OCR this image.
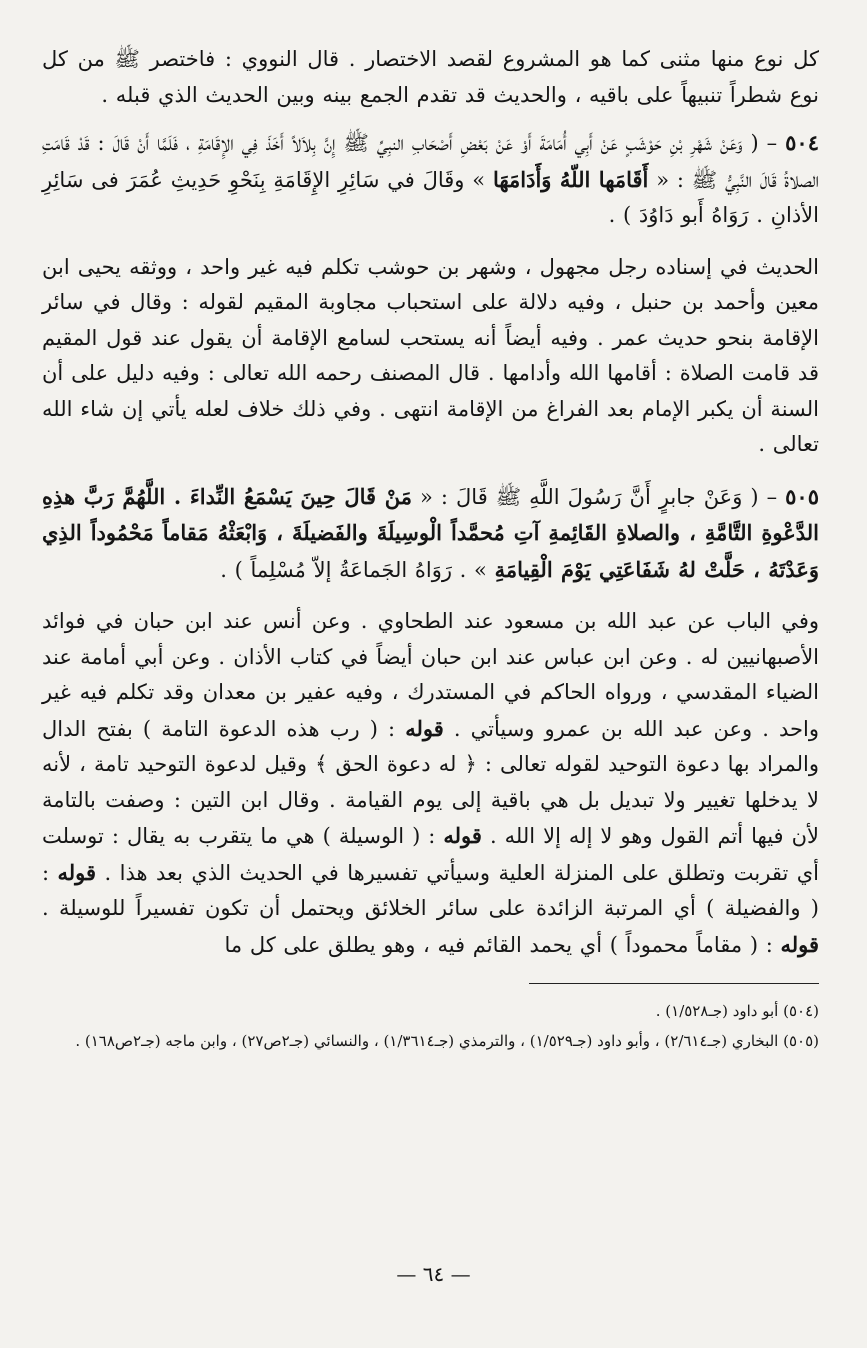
كل نوع منها مثنى كما هو المشروع لقصد الاختصار . قال النووي : فاختصر ﷺ من كل نوع شطراً تنبيهاً على باقيه ، والحديث قد تقدم الجمع بينه وبين الحديث الذي قبله .

٥٠٤ – ( وَعَنْ شَهْرِ بْنِ حَوْشَبٍ عَنْ أَبِي أُمَامَةَ أَوْ عَنْ بَعْضِ أَصْحَابِ النبِيِّ ﷺ إِنَّ بِلاَلاً أَخَذَ فِي الإِقَامَةِ ، فَلَمَّا أَنْ قَالَ : قَدْ قَامَتِ الصلاةُ قَالَ النَّبِيُّ ﷺ : « أَقَامَها اللّهُ وَأَدَامَهَا » وقَالَ في سَائِرِ الإِقَامَةِ بِنَحْوِ حَدِيثِ عُمَرَ فى سَائِرِ الأذانِ . رَوَاهُ أَبو دَاوُدَ ) .

الحديث في إسناده رجل مجهول ، وشهر بن حوشب تكلم فيه غير واحد ، ووثقه يحيى ابن معين وأحمد بن حنبل ، وفيه دلالة على استحباب مجاوبة المقيم لقوله : وقال في سائر الإقامة بنحو حديث عمر . وفيه أيضاً أنه يستحب لسامع الإقامة أن يقول عند قول المقيم قد قامت الصلاة : أقامها الله وأدامها . قال المصنف رحمه الله تعالى : وفيه دليل على أن السنة أن يكبر الإمام بعد الفراغ من الإقامة انتهى . وفي ذلك خلاف لعله يأتي إن شاء الله تعالى .

٥٠٥ – ( وَعَنْ جابرٍ أَنَّ رَسُولَ اللَّهِ ﷺ قَالَ : « مَنْ قَالَ حِينَ يَسْمَعُ النِّداءَ . اللَّهُمَّ رَبَّ هذِهِ الدَّعْوةِ التَّامَّةِ ، والصلاةِ القَائِمةِ آتِ مُحمَّداً الْوسِيلَةَ والفَضيلَةَ ، وَابْعَثْهُ مَقاماً مَحْمُوداً الذِي وَعَدْتَهُ ، حَلَّتْ لهُ شَفَاعَتِي يَوْمَ الْقِيامَةِ » . رَوَاهُ الجَماعَةُ إلاّ مُسْلِماً ) .

وفي الباب عن عبد الله بن مسعود عند الطحاوي . وعن أنس عند ابن حبان في فوائد الأصبهانيين له . وعن ابن عباس عند ابن حبان أيضاً في كتاب الأذان . وعن أبي أمامة عند الضياء المقدسي ، ورواه الحاكم في المستدرك ، وفيه عفير بن معدان وقد تكلم فيه غير واحد . وعن عبد الله بن عمرو وسيأتي . قوله : ( رب هذه الدعوة التامة ) بفتح الدال والمراد بها دعوة التوحيد لقوله تعالى : ﴿ له دعوة الحق ﴾ وقيل لدعوة التوحيد تامة ، لأنه لا يدخلها تغيير ولا تبديل بل هي باقية إلى يوم القيامة . وقال ابن التين : وصفت بالتامة لأن فيها أتم القول وهو لا إله إلا الله . قوله : ( الوسيلة ) هي ما يتقرب به يقال : توسلت أي تقربت وتطلق على المنزلة العلية وسيأتي تفسيرها في الحديث الذي بعد هذا . قوله : ( والفضيلة ) أي المرتبة الزائدة على سائر الخلائق ويحتمل أن تكون تفسيراً للوسيلة . قوله : ( مقاماً محموداً ) أي يحمد القائم فيه ، وهو يطلق على كل ما

(٥٠٤) أبو داود (جـ١/٥٢٨) .

(٥٠٥) البخاري (جـ٢/٦١٤) ، وأبو داود (جـ١/٥٢٩) ، والترمذي (جـ١/٣٦١٤) ، والنسائي (جـ٢ص٢٧) ، وابن ماجه (جـ٢ص١٦٨) .

— ٦٤ —
